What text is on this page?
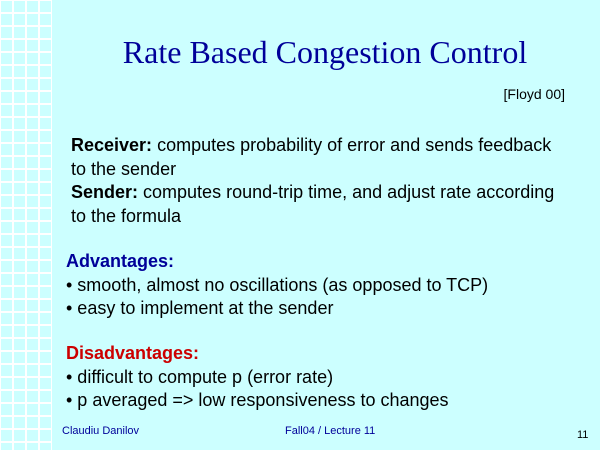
Rate Based Congestion Control
[Floyd 00]
Receiver: computes probability of error and sends feedback to the sender
Sender: computes round-trip time, and adjust rate according to the formula
Advantages:
• smooth, almost no oscillations (as opposed to TCP)
• easy to implement at the sender
Disadvantages:
• difficult to compute p (error rate)
• p averaged => low responsiveness to changes
Claudiu Danilov	Fall04 / Lecture 11	11
